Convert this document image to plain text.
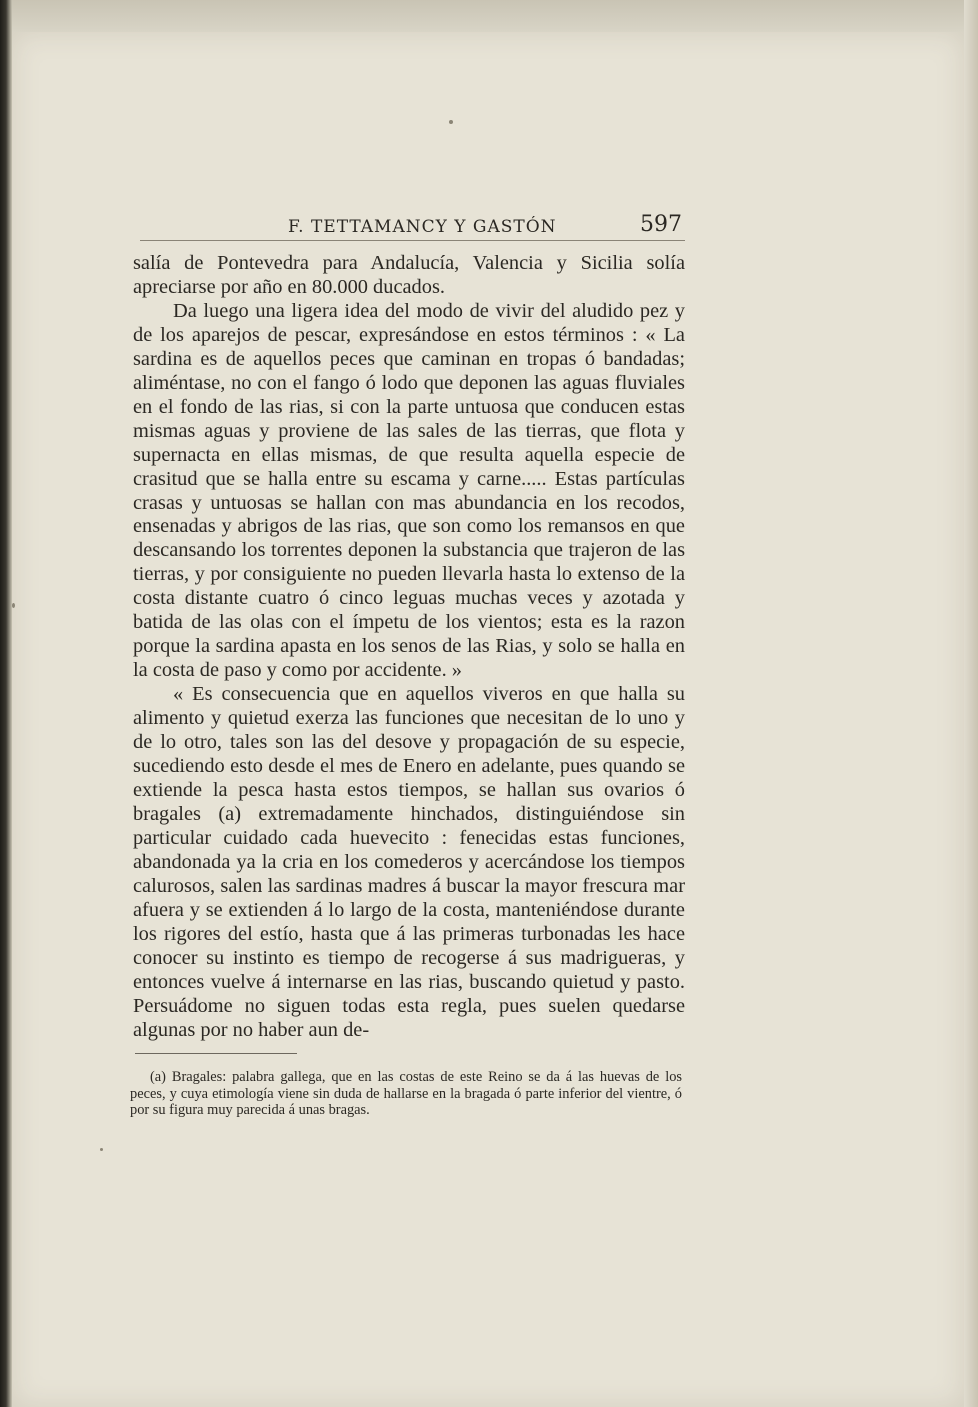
F. TETTAMANCY Y GASTÓN	597

salía de Pontevedra para Andalucía, Valencia y Sicilia solía apreciarse por año en 80.000 ducados.

Da luego una ligera idea del modo de vivir del aludido pez y de los aparejos de pescar, expresándose en estos términos : « La sardina es de aquellos peces que caminan en tropas ó bandadas; aliméntase, no con el fango ó lodo que deponen las aguas fluviales en el fondo de las rias, si con la parte untuosa que conducen estas mismas aguas y proviene de las sales de las tierras, que flota y supernacta en ellas mismas, de que resulta aquella especie de crasitud que se halla entre su escama y carne..... Estas partículas crasas y untuosas se hallan con mas abundancia en los recodos, ensenadas y abrigos de las rias, que son como los remansos en que descansando los torrentes deponen la substancia que trajeron de las tierras, y por consiguiente no pueden llevarla hasta lo extenso de la costa distante cuatro ó cinco leguas muchas veces y azotada y batida de las olas con el ímpetu de los vientos; esta es la razon porque la sardina apasta en los senos de las Rias, y solo se halla en la costa de paso y como por accidente. »

« Es consecuencia que en aquellos viveros en que halla su alimento y quietud exerza las funciones que necesitan de lo uno y de lo otro, tales son las del desove y propagación de su especie, sucediendo esto desde el mes de Enero en adelante, pues quando se extiende la pesca hasta estos tiempos, se hallan sus ovarios ó bragales (a) extremadamente hinchados, distinguiéndose sin particular cuidado cada huevecito : fenecidas estas funciones, abandonada ya la cria en los comederos y acercándose los tiempos calurosos, salen las sardinas madres á buscar la mayor frescura mar afuera y se extienden á lo largo de la costa, manteniéndose durante los rigores del estío, hasta que á las primeras turbonadas les hace conocer su instinto es tiempo de recogerse á sus madrigueras, y entonces vuelve á internarse en las rias, buscando quietud y pasto. Persuádome no siguen todas esta regla, pues suelen quedarse algunas por no haber aun de-

(a) Bragales: palabra gallega, que en las costas de este Reino se da á las huevas de los peces, y cuya etimología viene sin duda de hallarse en la bragada ó parte inferior del vientre, ó por su figura muy parecida á unas bragas.
